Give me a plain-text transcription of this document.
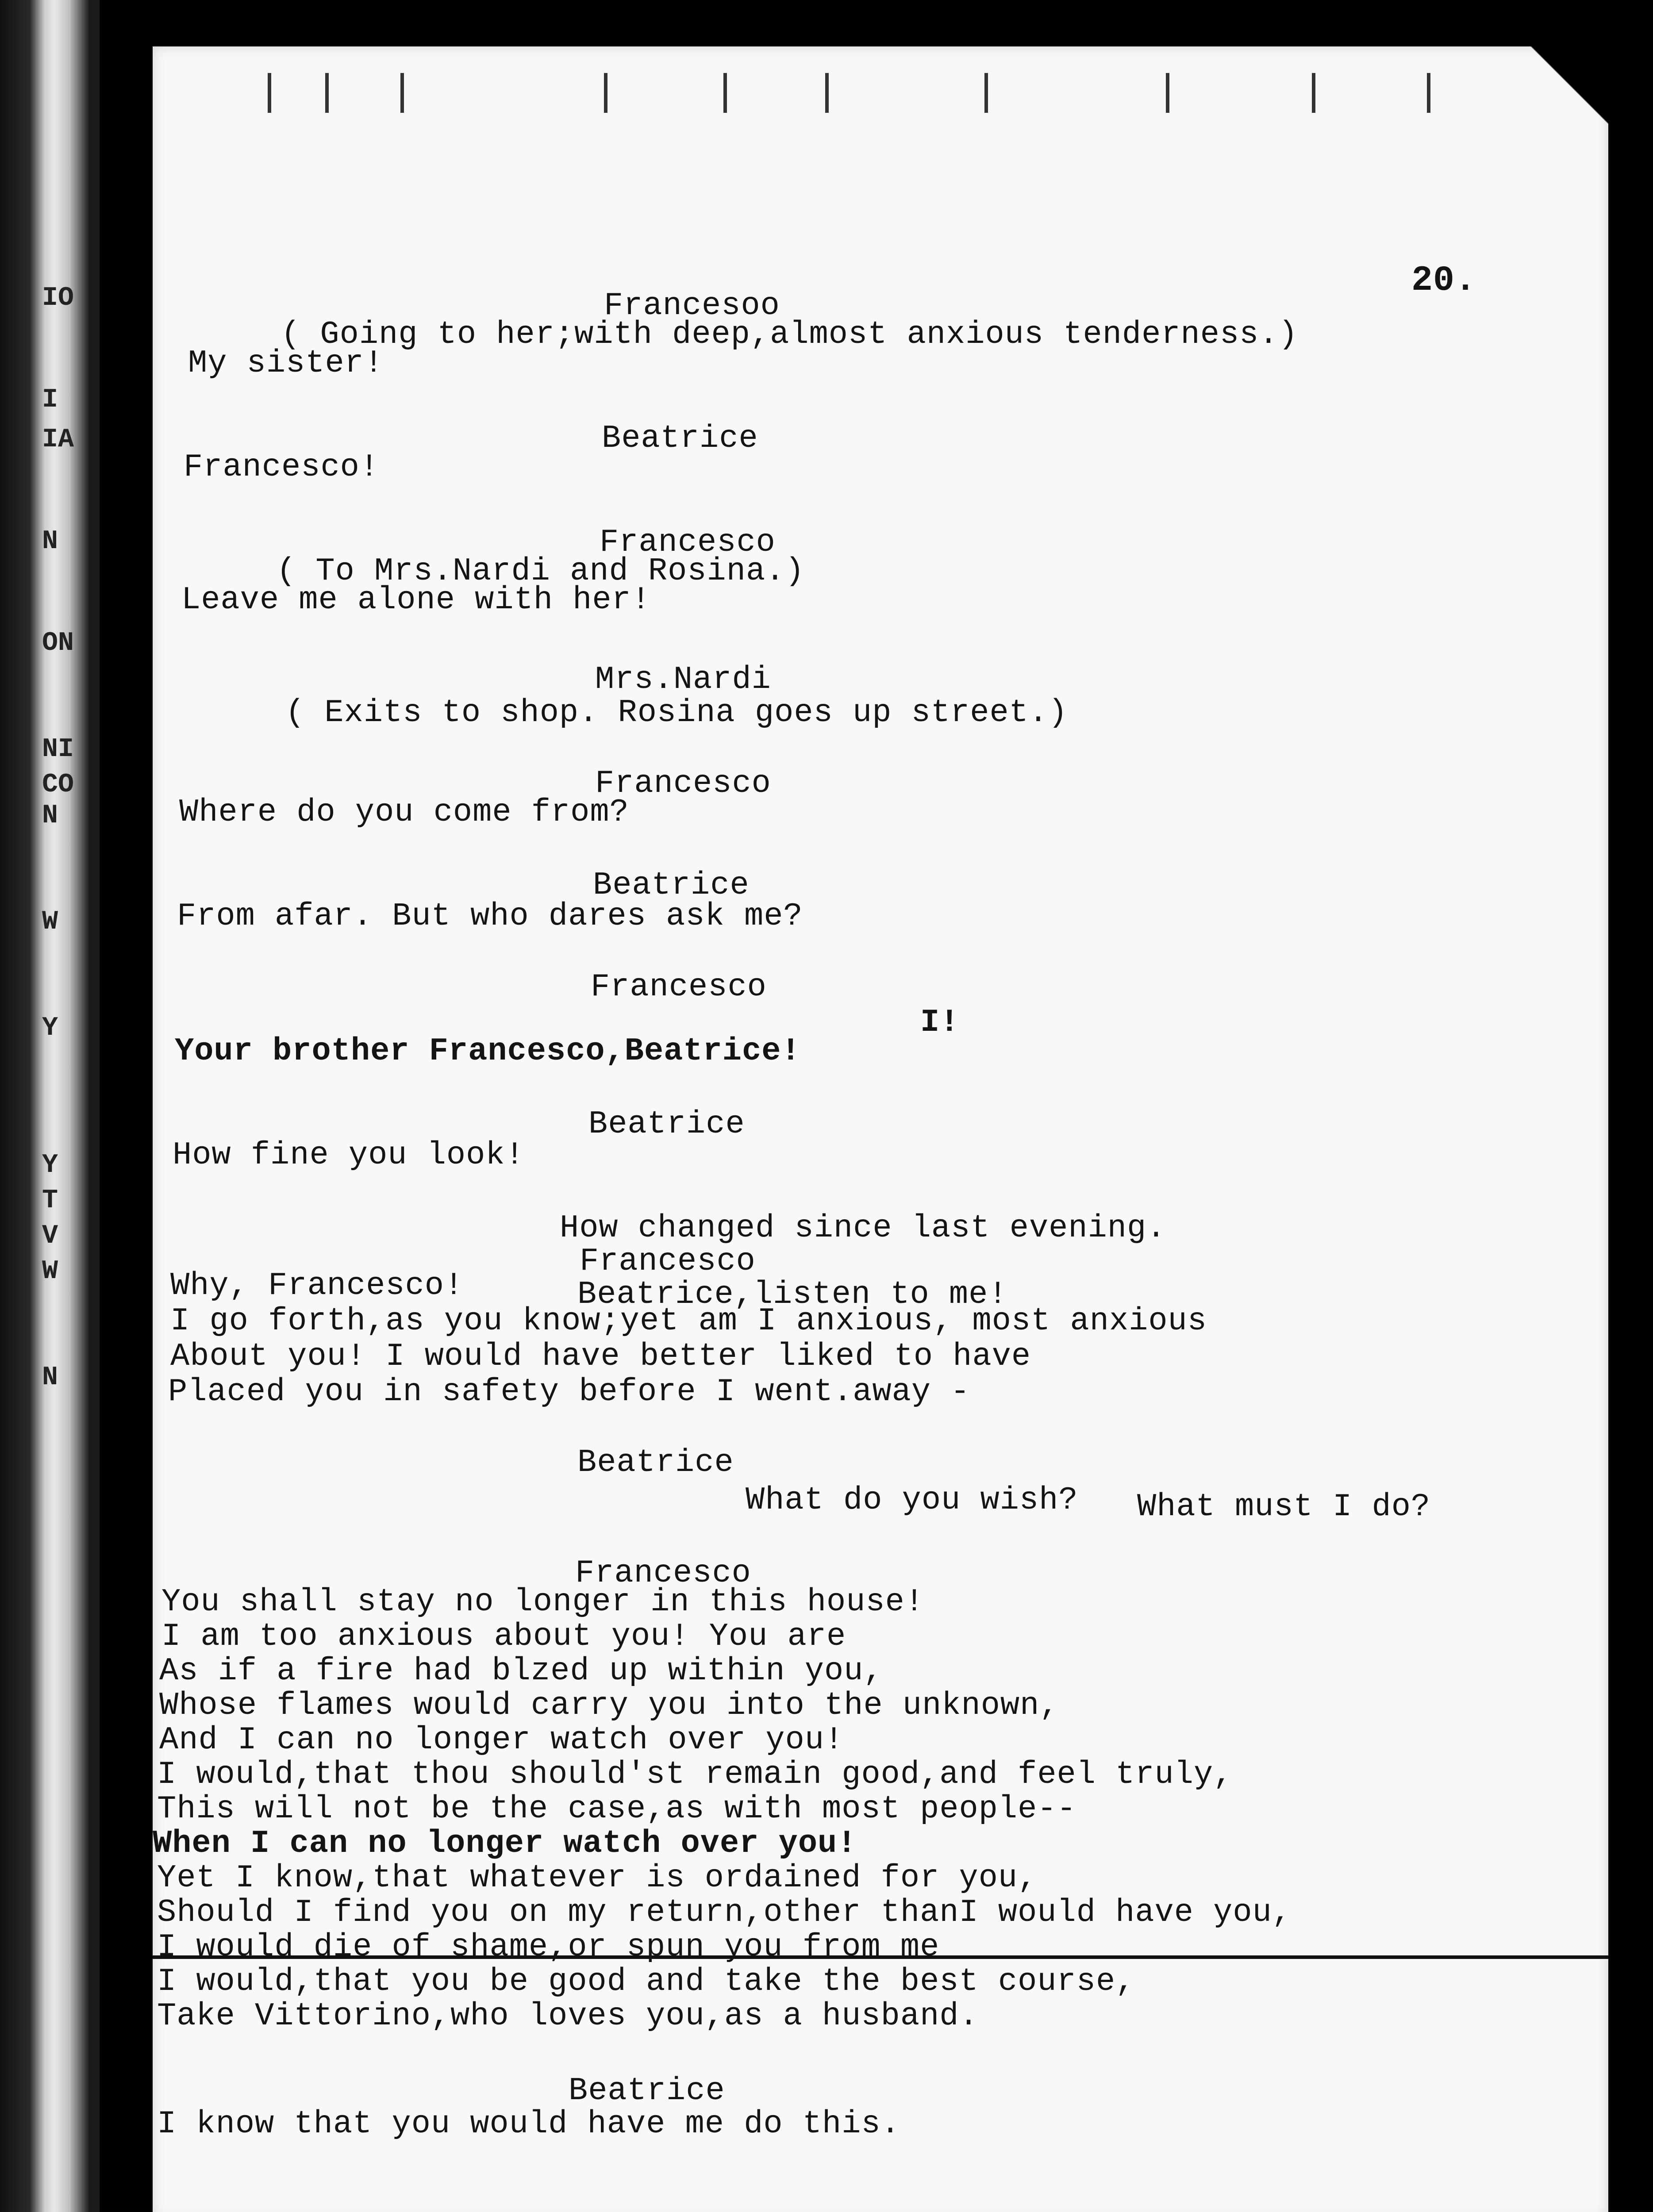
IO
I
IA
N
ON
NI
CO
N
W
Y
Y
T
V
W
N
20.
Francesoo
( Going to her;with deep,almost anxious tenderness.)
My sister!
Beatrice
Francesco!
Francesco
( To Mrs.Nardi and Rosina.)
Leave me alone with her!
Mrs.Nardi
( Exits to shop. Rosina goes up street.)
Francesco
Where do you come from?
Beatrice
From afar. But who dares ask me?
Francesco
I!
Your brother Francesco,Beatrice!
Beatrice
How fine you look!
How changed since last evening.
Francesco
Why, Francesco!	Beatrice,listen to me!
I go forth,as you know;yet am I anxious, most anxious
About you! I would have better liked to have
Placed you in safety before I went.away -
Beatrice
What do you wish? What must I do?
Francesco
You shall stay no longer in this house!
I am too anxious about you! You are
As if a fire had blzed up within you,
Whose flames would carry you into the unknown,
And I can no longer watch over you!
I would,that thou should'st remain good,and feel truly,
This will not be the case,as with most people--
When I can no longer watch over you!
Yet I know,that whatever is ordained for you,
Should I find you on my return,other thanI would have you,
I would die of shame,or spun you from me
I would,that you be good and take the best course,
Take Vittorino,who loves you,as a husband.
Beatrice
I know that you would have me do this.
